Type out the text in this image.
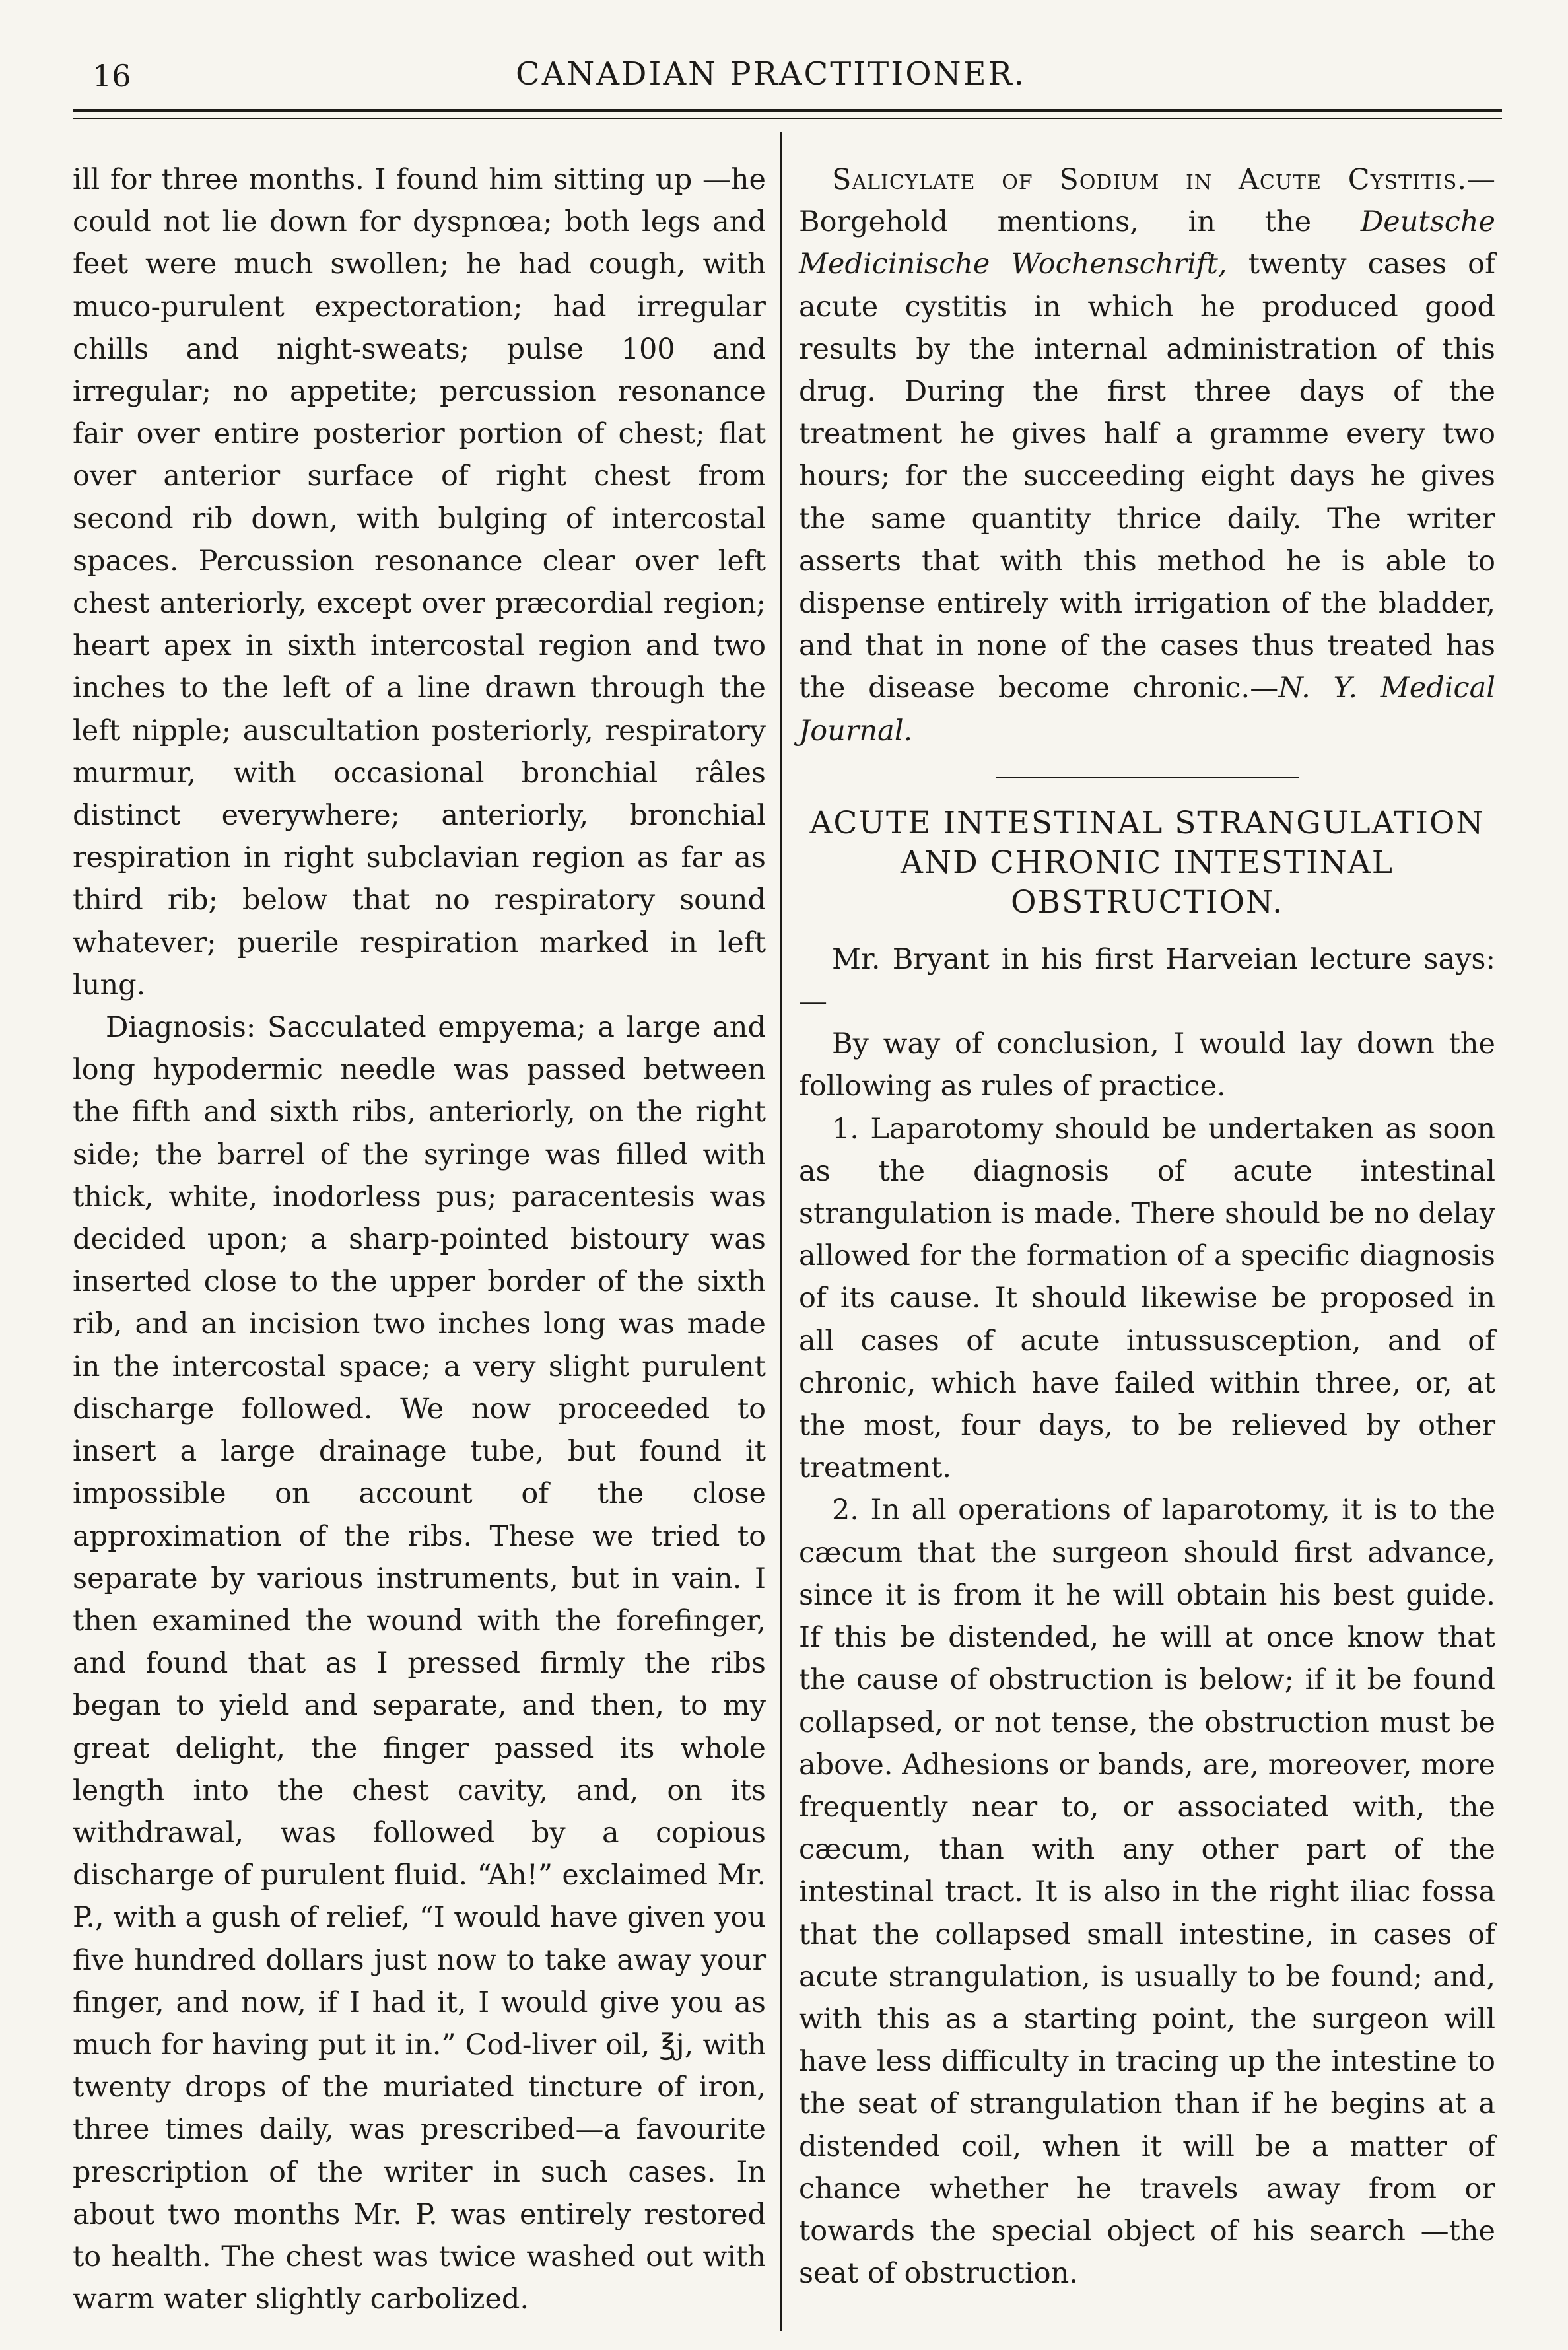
16	CANADIAN PRACTITIONER.

ill for three months. I found him sitting up —he could not lie down for dyspnœa; both legs and feet were much swollen; he had cough, with muco-purulent expectoration; had irregular chills and night-sweats; pulse 100 and irregular; no appetite; percussion resonance fair over entire posterior portion of chest; flat over anterior surface of right chest from second rib down, with bulging of intercostal spaces. Percussion resonance clear over left chest anteriorly, except over præcordial region; heart apex in sixth intercostal region and two inches to the left of a line drawn through the left nipple; auscultation posteriorly, respiratory murmur, with occasional bronchial râles distinct everywhere; anteriorly, bronchial respiration in right subclavian region as far as third rib; below that no respiratory sound whatever; puerile respiration marked in left lung.

Diagnosis: Sacculated empyema; a large and long hypodermic needle was passed between the fifth and sixth ribs, anteriorly, on the right side; the barrel of the syringe was filled with thick, white, inodorless pus; paracentesis was decided upon; a sharp-pointed bistoury was inserted close to the upper border of the sixth rib, and an incision two inches long was made in the intercostal space; a very slight purulent discharge followed. We now proceeded to insert a large drainage tube, but found it impossible on account of the close approximation of the ribs. These we tried to separate by various instruments, but in vain. I then examined the wound with the forefinger, and found that as I pressed firmly the ribs began to yield and separate, and then, to my great delight, the finger passed its whole length into the chest cavity, and, on its withdrawal, was followed by a copious discharge of purulent fluid. “Ah!” exclaimed Mr. P., with a gush of relief, “I would have given you five hundred dollars just now to take away your finger, and now, if I had it, I would give you as much for having put it in.” Cod-liver oil, ℥j, with twenty drops of the muriated tincture of iron, three times daily, was prescribed—a favourite prescription of the writer in such cases. In about two months Mr. P. was entirely restored to health. The chest was twice washed out with warm water slightly carbolized.

Salicylate of Sodium in Acute Cystitis.—Borgehold mentions, in the Deutsche Medicinische Wochenschrift, twenty cases of acute cystitis in which he produced good results by the internal administration of this drug. During the first three days of the treatment he gives half a gramme every two hours; for the succeeding eight days he gives the same quantity thrice daily. The writer asserts that with this method he is able to dispense entirely with irrigation of the bladder, and that in none of the cases thus treated has the disease become chronic.—N. Y. Medical Journal.

ACUTE INTESTINAL STRANGULATION AND CHRONIC INTESTINAL OBSTRUCTION.

Mr. Bryant in his first Harveian lecture says:—

By way of conclusion, I would lay down the following as rules of practice.

1. Laparotomy should be undertaken as soon as the diagnosis of acute intestinal strangulation is made. There should be no delay allowed for the formation of a specific diagnosis of its cause. It should likewise be proposed in all cases of acute intussusception, and of chronic, which have failed within three, or, at the most, four days, to be relieved by other treatment.

2. In all operations of laparotomy, it is to the cæcum that the surgeon should first advance, since it is from it he will obtain his best guide. If this be distended, he will at once know that the cause of obstruction is below; if it be found collapsed, or not tense, the obstruction must be above. Adhesions or bands, are, moreover, more frequently near to, or associated with, the cæcum, than with any other part of the intestinal tract. It is also in the right iliac fossa that the collapsed small intestine, in cases of acute strangulation, is usually to be found; and, with this as a starting point, the surgeon will have less difficulty in tracing up the intestine to the seat of strangulation than if he begins at a distended coil, when it will be a matter of chance whether he travels away from or towards the special object of his search —the seat of obstruction.
